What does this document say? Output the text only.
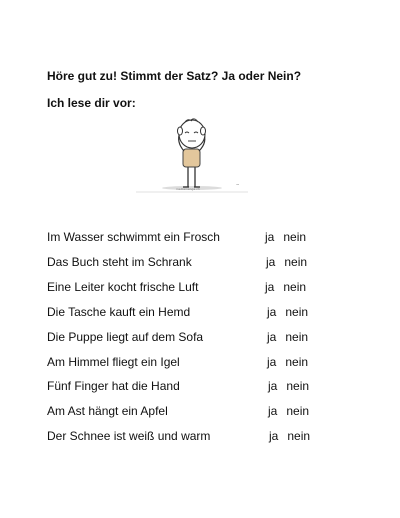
Höre gut zu! Stimmt der Satz? Ja oder Nein?
Ich lese dir vor:
~
mediamanga.ch
Im Wasser schwimmt ein Frosch	ja nein
Das Buch steht im Schrank	ja nein
Eine Leiter kocht frische Luft	ja nein
Die Tasche kauft ein Hemd	ja nein
Die Puppe liegt auf dem Sofa	ja nein
Am Himmel fliegt ein Igel	ja nein
Fünf Finger hat die Hand	ja nein
Am Ast hängt ein Apfel	ja nein
Der Schnee ist weiß und warm	ja nein
